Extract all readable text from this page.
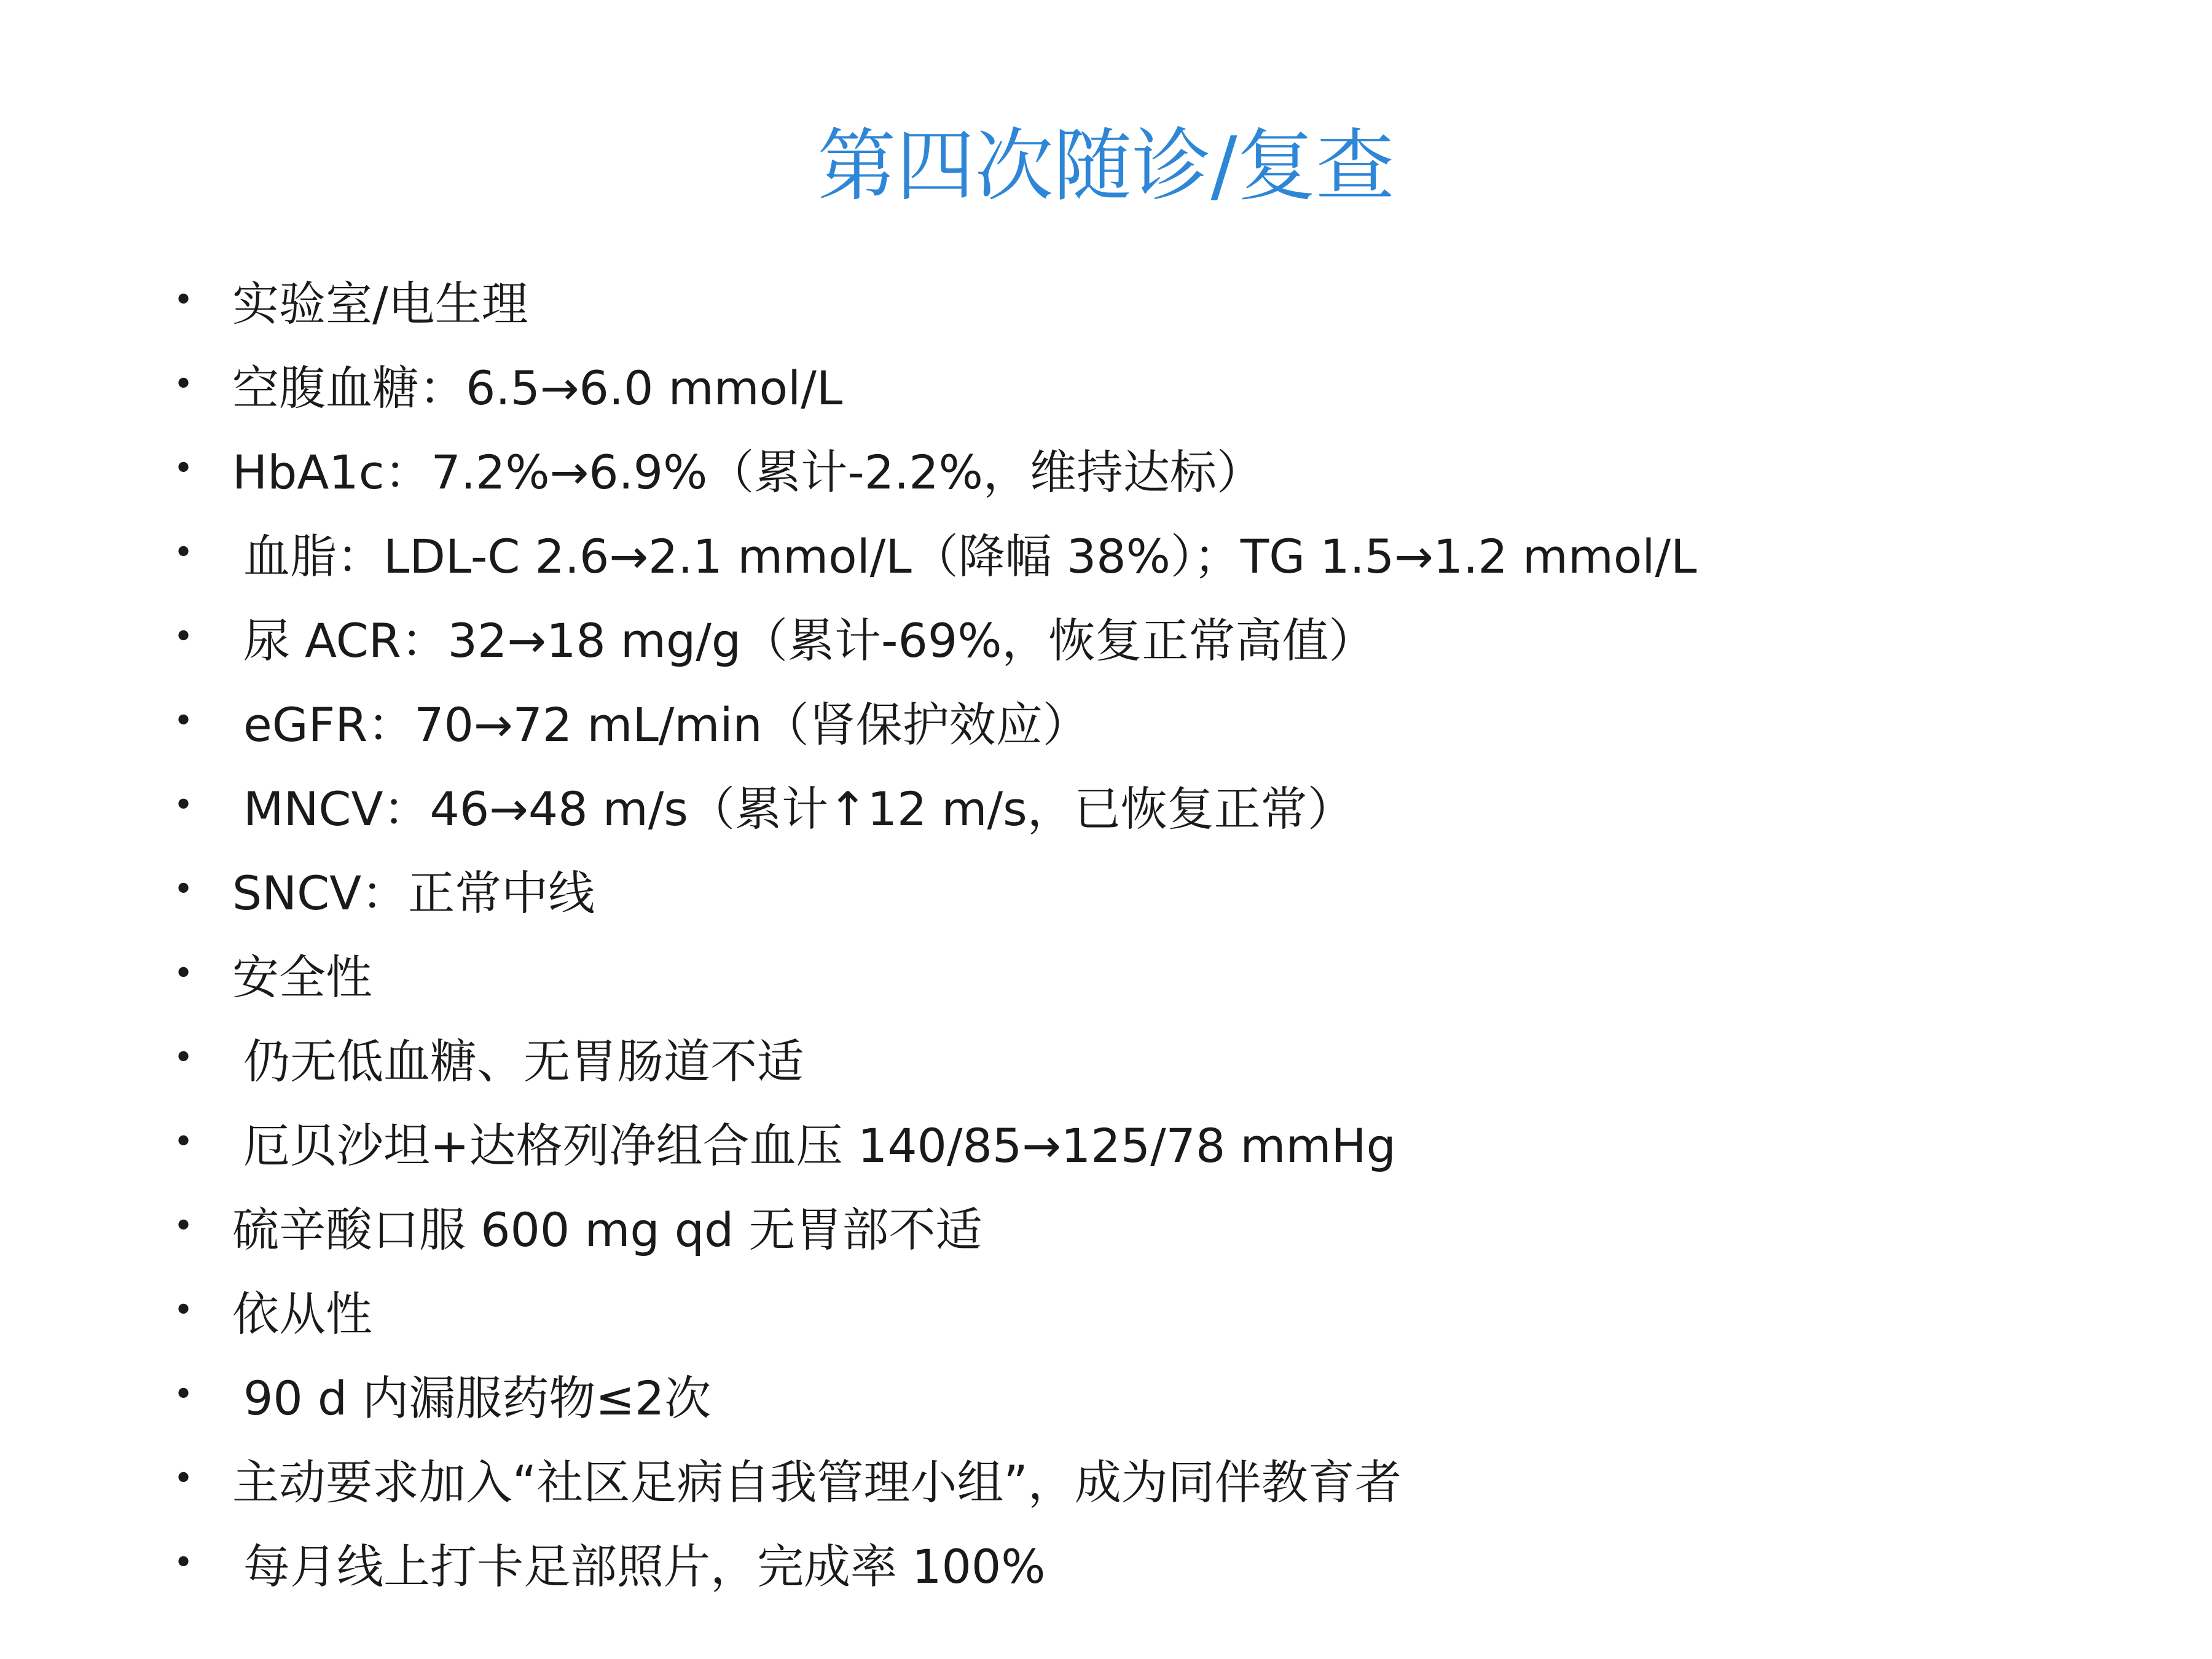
第四次随诊/复查
• 实验室/电生理
• 空腹血糖：6.5→6.0 mmol/L
• HbA1c：7.2%→6.9%（累计-2.2%，维持达标）
•	血脂：LDL-C 2.6→2.1 mmol/L（降幅 38%）；TG 1.5→1.2 mmol/L
•	尿 ACR：32→18 mg/g（累计-69%，恢复正常高值）
•	eGFR：70→72 mL/min（肾保护效应）
•	MNCV：46→48 m/s（累计↑12 m/s，已恢复正常）
• SNCV：正常中线
• 安全性
•	仍无低血糖、无胃肠道不适
•	厄贝沙坦+达格列净组合血压 140/85→125/78 mmHg
• 硫辛酸口服 600 mg qd 无胃部不适
• 依从性
•	90 d 内漏服药物≤2次
• 主动要求加入“社区足病自我管理小组”，成为同伴教育者
•	每月线上打卡足部照片，完成率 100%
